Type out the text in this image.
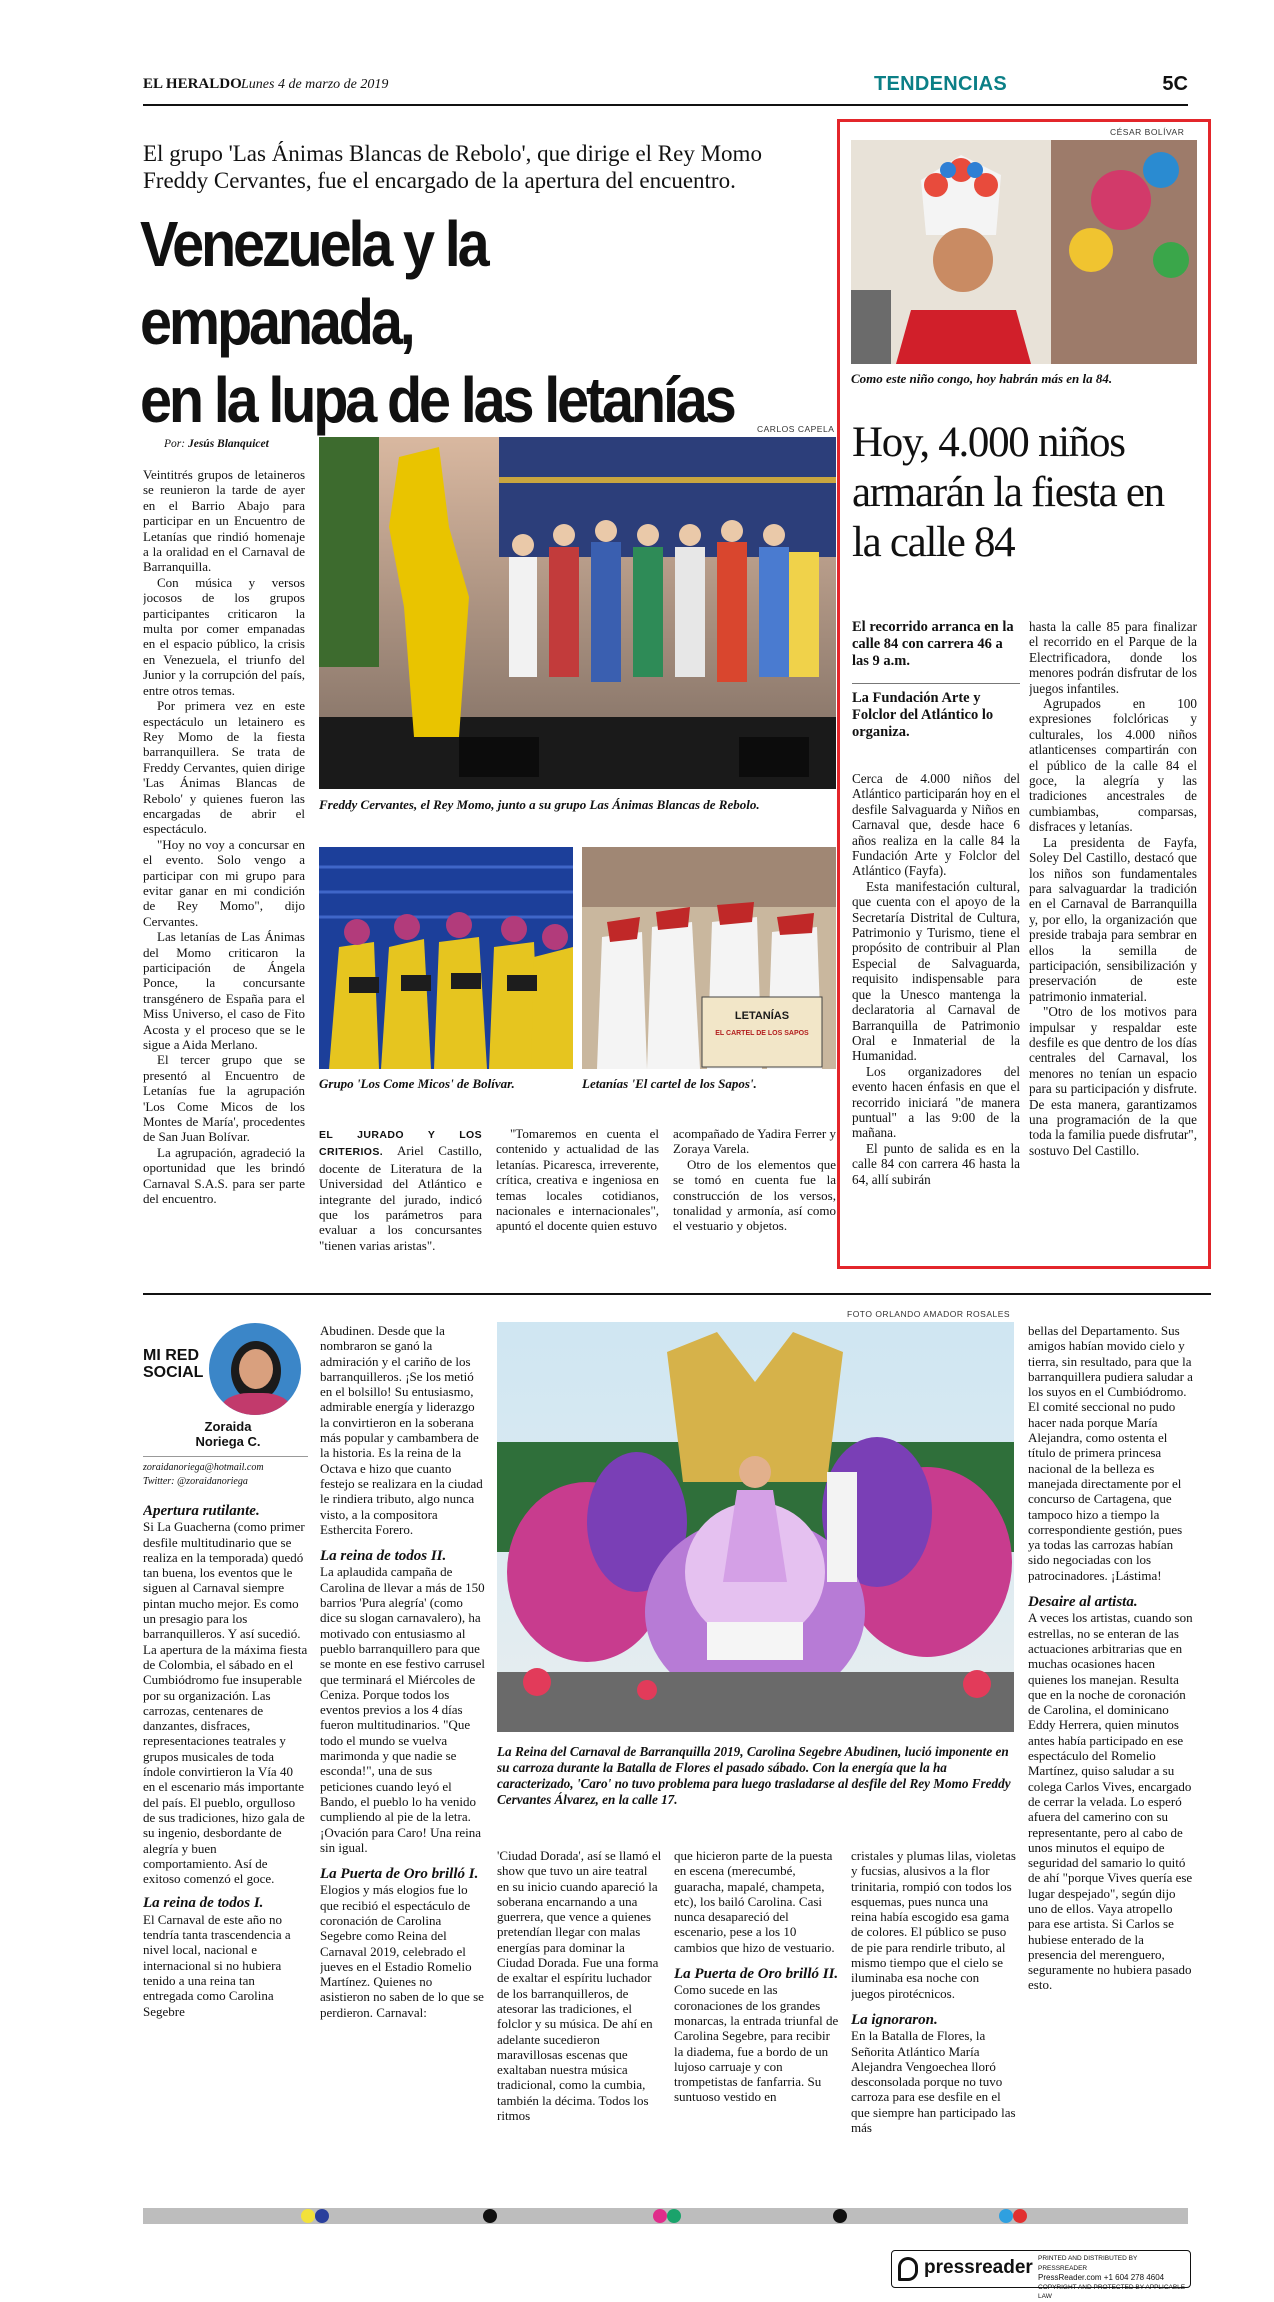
EL HERALDO Lunes 4 de marzo de 2019	TENDENCIAS	5C
El grupo 'Las Ánimas Blancas de Rebolo', que dirige el Rey Momo Freddy Cervantes, fue el encargado de la apertura del encuentro.
Venezuela y la empanada,
en la lupa de las letanías
Por: Jesús Blanquicet

Veintitrés grupos de letaineros se reunieron la tarde de ayer en el Barrio Abajo para participar en un Encuentro de Letanías que rindió homenaje a la oralidad en el Carnaval de Barranquilla.

Con música y versos jocosos de los grupos participantes criticaron la multa por comer empanadas en el espacio público, la crisis en Venezuela, el triunfo del Junior y la corrupción del país, entre otros temas.

Por primera vez en este espectáculo un letainero es Rey Momo de la fiesta barranquillera. Se trata de Freddy Cervantes, quien dirige 'Las Ánimas Blancas de Rebolo' y quienes fueron las encargadas de abrir el espectáculo.

"Hoy no voy a concursar en el evento. Solo vengo a participar con mi grupo para evitar ganar en mi condición de Rey Momo", dijo Cervantes.

Las letanías de Las Ánimas del Momo criticaron la participación de Ángela Ponce, la concursante transgénero de España para el Miss Universo, el caso de Fito Acosta y el proceso que se le sigue a Aida Merlano.

El tercer grupo que se presentó al Encuentro de Letanías fue la agrupación 'Los Come Micos de los Montes de María', procedentes de San Juan Bolívar.

La agrupación, agradeció la oportunidad que les brindó Carnaval S.A.S. para ser parte del encuentro.

CARLOS CAPELA
Freddy Cervantes, el Rey Momo, junto a su grupo Las Ánimas Blancas de Rebolo.
Grupo 'Los Come Micos' de Bolívar.
LETANÍAS
EL CARTEL DE LOS SAPOS
Letanías 'El cartel de los Sapos'.

EL JURADO Y LOS CRITERIOS. Ariel Castillo, docente de Literatura de la Universidad del Atlántico e integrante del jurado, indicó que los parámetros para evaluar a los concursantes "tienen varias aristas".

"Tomaremos en cuenta el contenido y actualidad de las letanías. Picaresca, irreverente, crítica, creativa e ingeniosa en temas locales cotidianos, nacionales e internacionales", apuntó el docente quien estuvo

acompañado de Yadira Ferrer y Zoraya Varela.

Otro de los elementos que se tomó en cuenta fue la construcción de los versos, tonalidad y armonía, así como el vestuario y objetos.

CÉSAR BOLÍVAR
Como este niño congo, hoy habrán más en la 84.
Hoy, 4.000 niños armarán la fiesta en la calle 84
El recorrido arranca en la calle 84 con carrera 46 a las 9 a.m.
La Fundación Arte y Folclor del Atlántico lo organiza.

Cerca de 4.000 niños del Atlántico participarán hoy en el desfile Salvaguarda y Niños en Carnaval que, desde hace 6 años realiza en la calle 84 la Fundación Arte y Folclor del Atlántico (Fayfa).

Esta manifestación cultural, que cuenta con el apoyo de la Secretaría Distrital de Cultura, Patrimonio y Turismo, tiene el propósito de contribuir al Plan Especial de Salvaguarda, requisito indispensable para que la Unesco mantenga la declaratoria al Carnaval de Barranquilla de Patrimonio Oral e Inmaterial de la Humanidad.

Los organizadores del evento hacen énfasis en que el recorrido iniciará "de manera puntual" a las 9:00 de la mañana.

El punto de salida es en la calle 84 con carrera 46 hasta la 64, allí subirán

hasta la calle 85 para finalizar el recorrido en el Parque de la Electrificadora, donde los menores podrán disfrutar de los juegos infantiles.

Agrupados en 100 expresiones folclóricas y culturales, los 4.000 niños atlanticenses compartirán con el público de la calle 84 el goce, la alegría y las tradiciones ancestrales de cumbiambas, comparsas, disfraces y letanías.

La presidenta de Fayfa, Soley Del Castillo, destacó que los niños son fundamentales para salvaguardar la tradición en el Carnaval de Barranquilla y, por ello, la organización que preside trabaja para sembrar en ellos la semilla de participación, sensibilización y preservación de este patrimonio inmaterial.

"Otro de los motivos para impulsar y respaldar este desfile es que dentro de los días centrales del Carnaval, los menores no tenían un espacio para su participación y disfrute. De esta manera, garantizamos una programación de la que toda la familia puede disfrutar", sostuvo Del Castillo.

MI RED
SOCIAL
Zoraida
Noriega C.
zoraidanoriega@hotmail.com
Twitter: @zoraidanoriega
Apertura rutilante.

Si La Guacherna (como primer desfile multitudinario que se realiza en la temporada) quedó tan buena, los eventos que le siguen al Carnaval siempre pintan mucho mejor. Es como un presagio para los barranquilleros. Y así sucedió. La apertura de la máxima fiesta de Colombia, el sábado en el Cumbiódromo fue insuperable por su organización. Las carrozas, centenares de danzantes, disfraces, representaciones teatrales y grupos musicales de toda índole convirtieron la Vía 40 en el escenario más importante del país. El pueblo, orgulloso de sus tradiciones, hizo gala de su ingenio, desbordante de alegría y buen comportamiento. Así de exitoso comenzó el goce.

La reina de todos I.

El Carnaval de este año no tendría tanta trascendencia a nivel local, nacional e internacional si no hubiera tenido a una reina tan entregada como Carolina Segebre

Abudinen. Desde que la nombraron se ganó la admiración y el cariño de los barranquilleros. ¡Se los metió en el bolsillo! Su entusiasmo, admirable energía y liderazgo la convirtieron en la soberana más popular y cambambera de la historia. Es la reina de la Octava e hizo que cuanto festejo se realizara en la ciudad le rindiera tributo, algo nunca visto, a la compositora Esthercita Forero.

La reina de todos II.

La aplaudida campaña de Carolina de llevar a más de 150 barrios 'Pura alegría' (como dice su slogan carnavalero), ha motivado con entusiasmo al pueblo barranquillero para que se monte en ese festivo carrusel que terminará el Miércoles de Ceniza. Porque todos los eventos previos a los 4 días fueron multitudinarios. "Que todo el mundo se vuelva marimonda y que nadie se esconda!", una de sus peticiones cuando leyó el Bando, el pueblo lo ha venido cumpliendo al pie de la letra. ¡Ovación para Caro! Una reina sin igual.

La Puerta de Oro brilló I.

Elogios y más elogios fue lo que recibió el espectáculo de coronación de Carolina Segebre como Reina del Carnaval 2019, celebrado el jueves en el Estadio Romelio Martínez. Quienes no asistieron no saben de lo que se perdieron. Carnaval:

FOTO ORLANDO AMADOR ROSALES
La Reina del Carnaval de Barranquilla 2019, Carolina Segebre Abudinen, lució imponente en su carroza durante la Batalla de Flores el pasado sábado. Con la energía que la ha caracterizado, 'Caro' no tuvo problema para luego trasladarse al desfile del Rey Momo Freddy Cervantes Álvarez, en la calle 17.

'Ciudad Dorada', así se llamó el show que tuvo un aire teatral en su inicio cuando apareció la soberana encarnando a una guerrera, que vence a quienes pretendían llegar con malas energías para dominar la Ciudad Dorada. Fue una forma de exaltar el espíritu luchador de los barranquilleros, de atesorar las tradiciones, el folclor y su música. De ahí en adelante sucedieron maravillosas escenas que exaltaban nuestra música tradicional, como la cumbia, también la décima. Todos los ritmos

que hicieron parte de la puesta en escena (merecumbé, guaracha, mapalé, champeta, etc), los bailó Carolina. Casi nunca desapareció del escenario, pese a los 10 cambios que hizo de vestuario.

La Puerta de Oro brilló II.

Como sucede en las coronaciones de los grandes monarcas, la entrada triunfal de Carolina Segebre, para recibir la diadema, fue a bordo de un lujoso carruaje y con trompetistas de fanfarria. Su suntuoso vestido en

cristales y plumas lilas, violetas y fucsias, alusivos a la flor trinitaria, rompió con todos los esquemas, pues nunca una reina había escogido esa gama de colores. El público se puso de pie para rendirle tributo, al mismo tiempo que el cielo se iluminaba esa noche con juegos pirotécnicos.

La ignoraron.

En la Batalla de Flores, la Señorita Atlántico María Alejandra Vengoechea lloró desconsolada porque no tuvo carroza para ese desfile en el que siempre han participado las más

bellas del Departamento. Sus amigos habían movido cielo y tierra, sin resultado, para que la barranquillera pudiera saludar a los suyos en el Cumbiódromo. El comité seccional no pudo hacer nada porque María Alejandra, como ostenta el título de primera princesa nacional de la belleza es manejada directamente por el concurso de Cartagena, que tampoco hizo a tiempo la correspondiente gestión, pues ya todas las carrozas habían sido negociadas con los patrocinadores. ¡Lástima!

Desaire al artista.

A veces los artistas, cuando son estrellas, no se enteran de las actuaciones arbitrarias que en muchas ocasiones hacen quienes los manejan. Resulta que en la noche de coronación de Carolina, el dominicano Eddy Herrera, quien minutos antes había participado en ese espectáculo del Romelio Martínez, quiso saludar a su colega Carlos Vives, encargado de cerrar la velada. Lo esperó afuera del camerino con su representante, pero al cabo de unos minutos el equipo de seguridad del samario lo quitó de ahí "porque Vives quería ese lugar despejado", según dijo uno de ellos. Vaya atropello para ese artista. Si Carlos se hubiese enterado de la presencia del merenguero, seguramente no hubiera pasado esto.

pressreader PRINTED AND DISTRIBUTED BY PRESSREADER
PressReader.com +1 604 278 4604
COPYRIGHT AND PROTECTED BY APPLICABLE LAW
